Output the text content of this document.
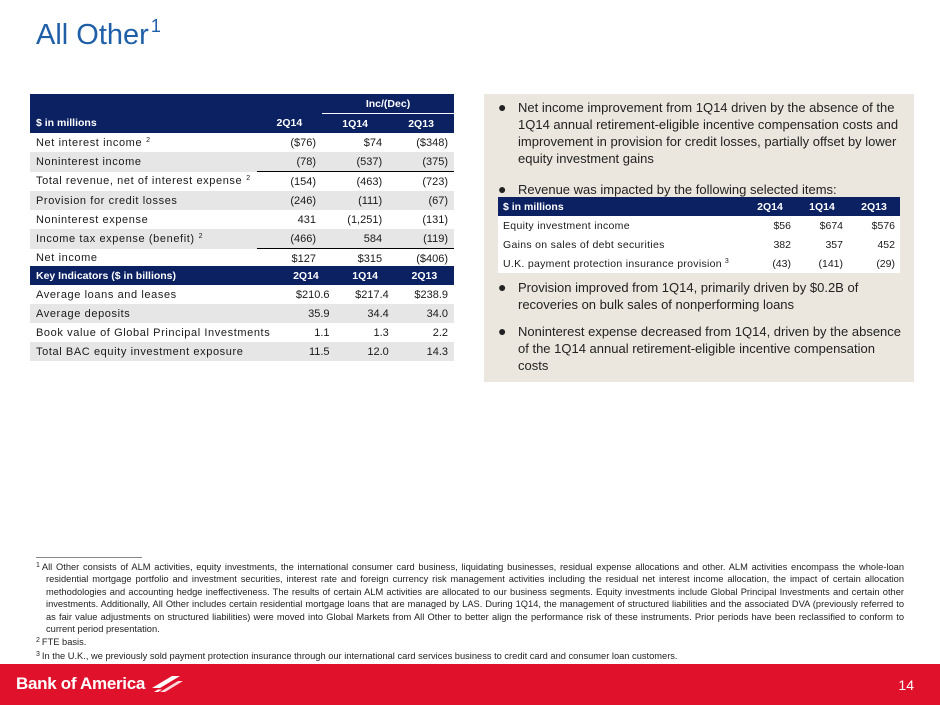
All Other $^1$
		Inc/(Dec)	
$ in millions	2Q14	1Q14	2Q13
Net interest income $^2$	($76)	$74	($348)
Noninterest income	(78)	(537)	(375)
Total revenue, net of interest expense $^2$	(154)	(463)	(723)
Provision for credit losses	(246)	(111)	(67)
Noninterest expense	431	(1,251)	(131)
Income tax expense (benefit) $^2$	(466)	584	(119)
Net income	$127	$315	($406)
Key Indicators ($ in billions)	2Q14	1Q14	2Q13
Average loans and leases	$210.6	$217.4	$238.9
Average deposits	35.9	34.4	34.0
Book value of Global Principal Investments	1.1	1.3	2.2
Total BAC equity investment exposure	11.5	12.0	14.3
● Net income improvement from 1Q14 driven by the absence of the 1Q14 annual retirement-eligible incentive compensation costs and improvement in provision for credit losses, partially offset by lower equity investment gains
● Revenue was impacted by the following selected items:
● Provision improved from 1Q14, primarily driven by $0.2B of recoveries on bulk sales of nonperforming loans
● Noninterest expense decreased from 1Q14, driven by the absence of the 1Q14 annual retirement-eligible incentive compensation costs
$ in millions	2Q14	1Q14	2Q13
Equity investment income	$56	$674	$576
Gains on sales of debt securities	382	357	452
U.K. payment protection insurance provision $^3$	(43)	(141)	(29)
$^1$ All Other consists of ALM activities, equity investments, the international consumer card business, liquidating businesses, residual expense allocations and other. ALM activities encompass the whole-loan residential mortgage portfolio and investment securities, interest rate and foreign currency risk management activities including the residual net interest income allocation, the impact of certain allocation methodologies and accounting hedge ineffectiveness. The results of certain ALM activities are allocated to our business segments. Equity investments include Global Principal Investments and certain other investments. Additionally, All Other includes certain residential mortgage loans that are managed by LAS. During 1Q14, the management of structured liabilities and the associated DVA (previously referred to as fair value adjustments on structured liabilities) were moved into Global Markets from All Other to better align the performance risk of these instruments. Prior periods have been reclassified to conform to current period presentation.
$^2$ FTE basis.
$^3$ In the U.K., we previously sold payment protection insurance through our international card services business to credit card and consumer loan customers.
Bank of America	14
